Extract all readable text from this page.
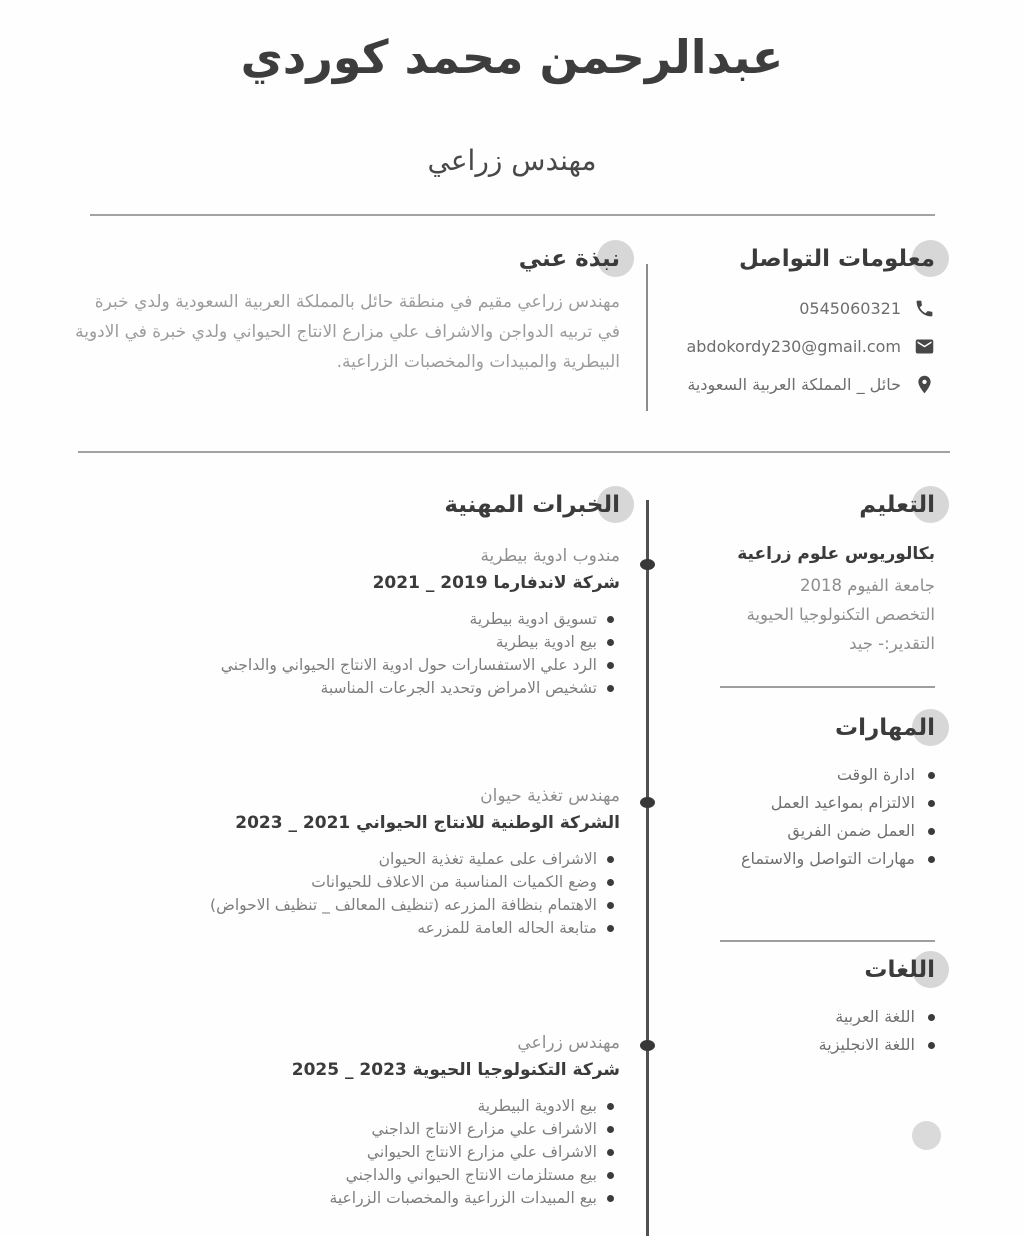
عبدالرحمن محمد كوردي
مهندس زراعي
معلومات التواصل
0545060321
abdokordy230@gmail.com
حائل _ المملكة العربية السعودية
نبذة عني

مهندس زراعي مقيم في منطقة حائل بالمملكة العربية السعودية ولدي خبرة في تربيه الدواجن والاشراف علي مزارع الانتاج الحيواني ولدي خبرة في الادوية البيطرية والمبيدات والمخصبات الزراعية.

الخبرات المهنية

مندوب ادوية بيطرية

شركة لاندفارما 2019 _ 2021

تسويق ادوية بيطرية
بيع ادوية بيطرية
الرد علي الاستفسارات حول ادوية الانتاج الحيواني والداجني
تشخيص الامراض وتحديد الجرعات المناسبة

مهندس تغذية حيوان

الشركة الوطنية للانتاج الحيواني 2021 _ 2023

الاشراف على عملية تغذية الحيوان
وضع الكميات المناسبة من الاعلاف للحيوانات
الاهتمام بنظافة المزرعه (تنظيف المعالف _ تنظيف الاحواض)
متابعة الحاله العامة للمزرعه

مهندس زراعي

شركة التكنولوجيا الحيوية 2023 _ 2025

بيع الادوية البيطرية
الاشراف علي مزارع الانتاج الداجني
الاشراف علي مزارع الانتاج الحيواني
بيع مستلزمات الانتاج الحيواني والداجني
بيع المبيدات الزراعية والمخصبات الزراعية
التعليم

بكالوريوس علوم زراعية

جامعة الفيوم 2018
التخصص التكنولوجيا الحيوية
التقدير:- جيد
المهارات
ادارة الوقت
الالتزام بمواعيد العمل
العمل ضمن الفريق
مهارات التواصل والاستماع
اللغات
اللغة العربية
اللغة الانجليزية
